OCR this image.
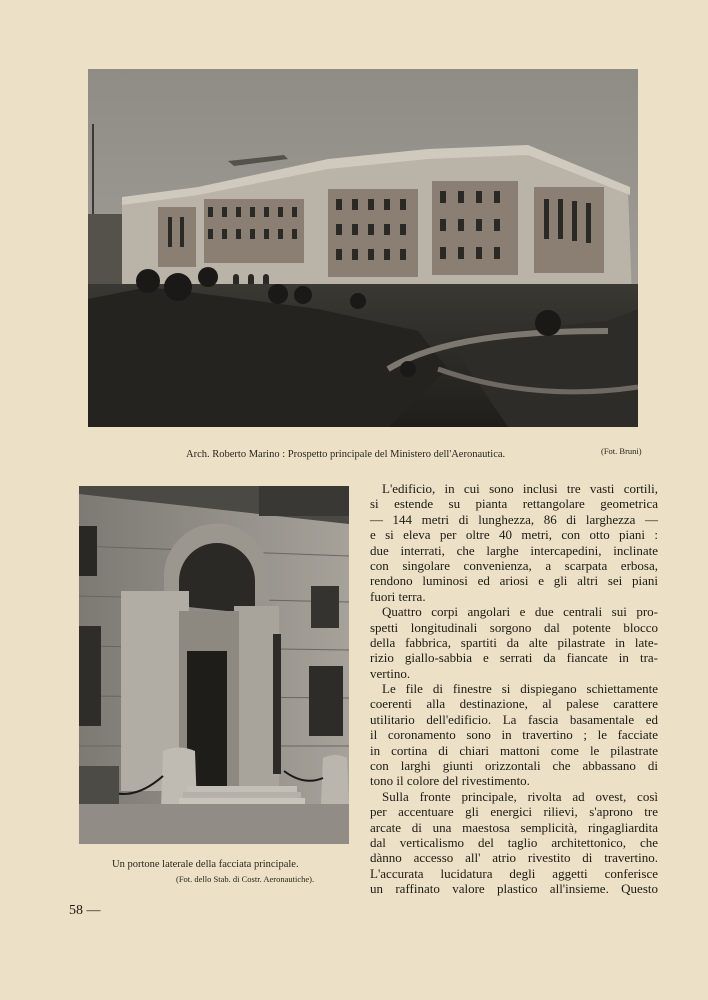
Arch. Roberto Marino : Prospetto principale del Ministero dell'Aeronautica.	(Fot. Bruni)
Un portone laterale della facciata principale.
(Fot. dello Stab. di Costr. Aeronautiche).
L'edificio, in cui sono inclusi tre vasti cortili,
si estende su pianta rettangolare geometrica
— 144 metri di lunghezza, 86 di larghezza —
e si eleva per oltre 40 metri, con otto piani :
due interrati, che larghe intercapedini, inclinate
con singolare convenienza, a scarpata erbosa,
rendono luminosi ed ariosi e gli altri sei piani
fuori terra.
Quattro corpi angolari e due centrali sui pro-
spetti longitudinali sorgono dal potente blocco
della fabbrica, spartiti da alte pilastrate in late-
rizio giallo-sabbia e serrati da fiancate in tra-
vertino.
Le file di finestre si dispiegano schiettamente
coerenti alla destinazione, al palese carattere
utilitario dell'edificio. La fascia basamentale ed
il coronamento sono in travertino ; le facciate
in cortina di chiari mattoni come le pilastrate
con larghi giunti orizzontali che abbassano di
tono il colore del rivestimento.
Sulla fronte principale, rivolta ad ovest, così
per accentuare gli energici rilievi, s'aprono tre
arcate di una maestosa semplicità, ringagliardita
dal verticalismo del taglio architettonico, che
dànno accesso all' atrio rivestito di travertino.
L'accurata lucidatura degli aggetti conferisce
un raffinato valore plastico all'insieme. Questo
58 —
